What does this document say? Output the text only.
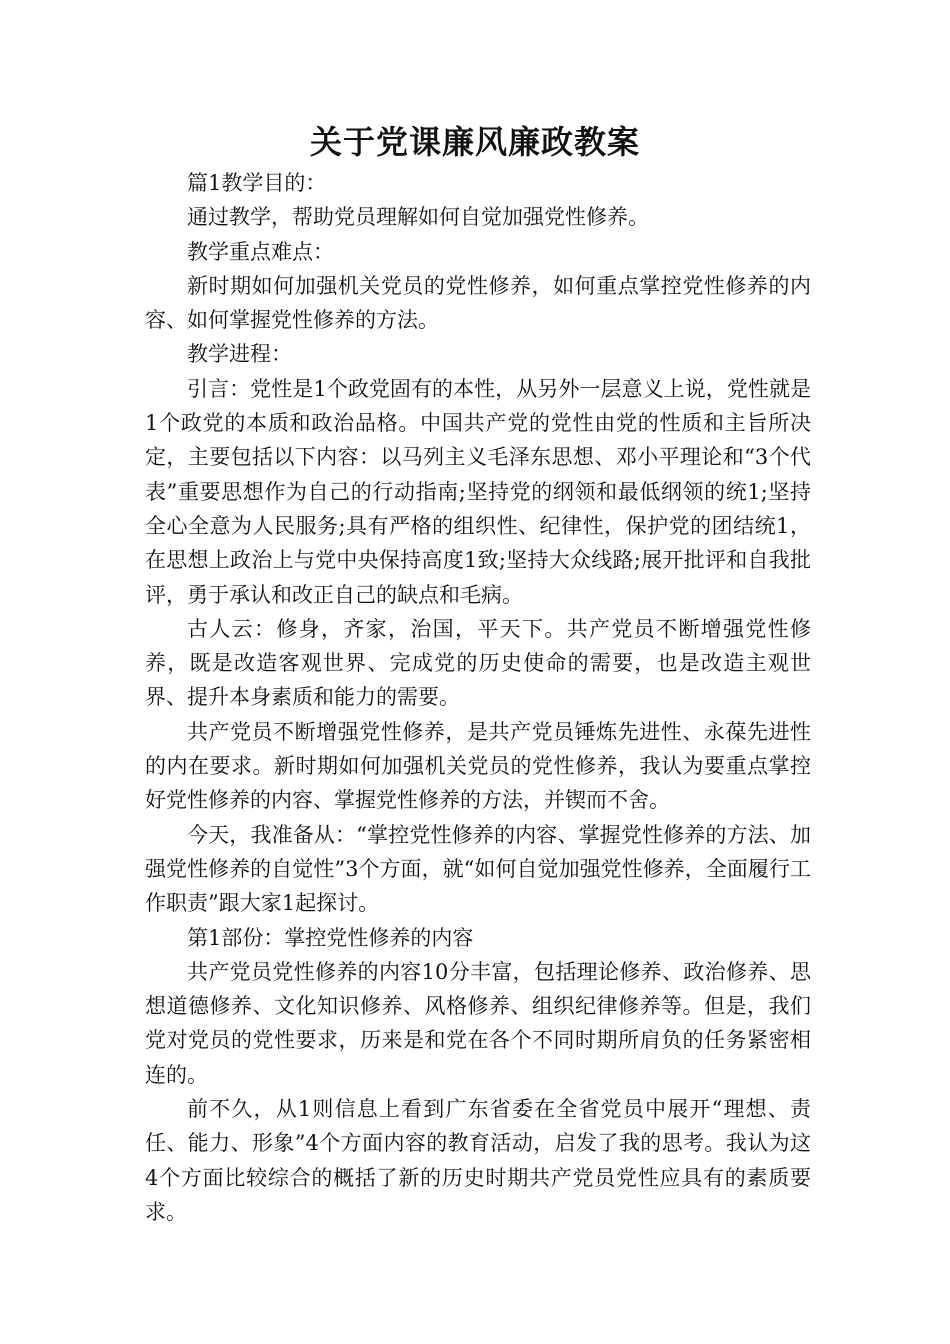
关于党课廉风廉政教案

篇1教学目的：

通过教学，帮助党员理解如何自觉加强党性修养。

教学重点难点：

新时期如何加强机关党员的党性修养，如何重点掌控党性修养的内容、如何掌握党性修养的方法。

教学进程：

引言：党性是1个政党固有的本性，从另外一层意义上说，党性就是1个政党的本质和政治品格。中国共产党的党性由党的性质和主旨所决定，主要包括以下内容：以马列主义毛泽东思想、邓小平理论和“3个代表”重要思想作为自己的行动指南;坚持党的纲领和最低纲领的统1;坚持全心全意为人民服务;具有严格的组织性、纪律性，保护党的团结统1，在思想上政治上与党中央保持高度1致;坚持大众线路;展开批评和自我批评，勇于承认和改正自己的缺点和毛病。

古人云：修身，齐家，治国，平天下。共产党员不断增强党性修养，既是改造客观世界、完成党的历史使命的需要，也是改造主观世界、提升本身素质和能力的需要。

共产党员不断增强党性修养，是共产党员锤炼先进性、永葆先进性的内在要求。新时期如何加强机关党员的党性修养，我认为要重点掌控好党性修养的内容、掌握党性修养的方法，并锲而不舍。

今天，我准备从：“掌控党性修养的内容、掌握党性修养的方法、加强党性修养的自觉性”3个方面，就“如何自觉加强党性修养，全面履行工作职责”跟大家1起探讨。

第1部份：掌控党性修养的内容

共产党员党性修养的内容10分丰富，包括理论修养、政治修养、思想道德修养、文化知识修养、风格修养、组织纪律修养等。但是，我们党对党员的党性要求，历来是和党在各个不同时期所肩负的任务紧密相连的。

前不久，从1则信息上看到广东省委在全省党员中展开“理想、责任、能力、形象”4个方面内容的教育活动，启发了我的思考。我认为这4个方面比较综合的概括了新的历史时期共产党员党性应具有的素质要求。
